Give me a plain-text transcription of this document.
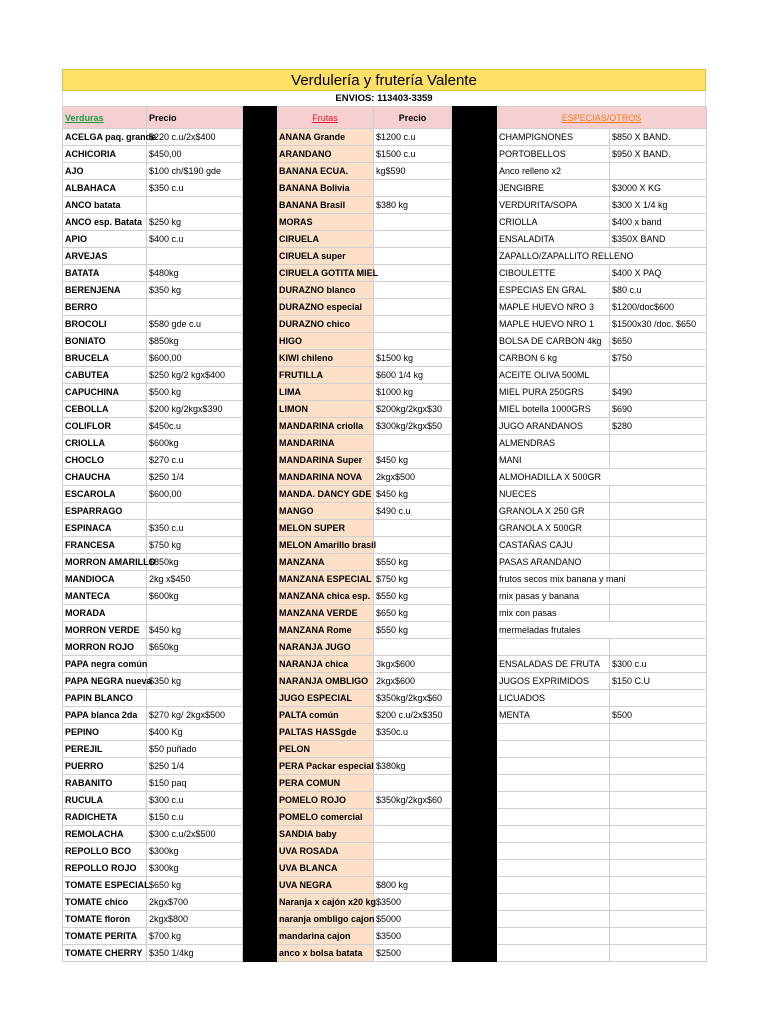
Verdulería y frutería Valente
ENVIOS: 113403-3359
Verduras	Precio		Frutas	Precio		ESPECIAS/OTROS	
ACELGA paq. grande	$220 c.u/2x$400		ANANA Grande	$1200 c.u		CHAMPIGNONES	$850 X BAND.
ACHICORIA	$450,00		ARANDANO	$1500 c.u		PORTOBELLOS	$950 X BAND.
AJO	$100 ch/$190 gde		BANANA ECUA.	kg$590		Anco relleno x2	
ALBAHACA	$350 c.u		BANANA Bolivia			JENGIBRE	$3000 X KG
ANCO batata			BANANA Brasil	$380 kg		VERDURITA/SOPA	$300 X 1/4 kg
ANCO esp. Batata	$250 kg		MORAS			CRIOLLA	$400 x band
APIO	$400 c.u		CIRUELA			ENSALADITA	$350X BAND
ARVEJAS			CIRUELA super			ZAPALLO/ZAPALLITO RELLENO	
BATATA	$480kg		CIRUELA GOTITA MIEL			CIBOULETTE	$400 X PAQ
BERENJENA	$350 kg		DURAZNO blanco			ESPECIAS EN GRAL	$80 c.u
BERRO			DURAZNO especial			MAPLE HUEVO NRO 3	$1200/doc$600
BROCOLI	$580 gde c.u		DURAZNO chico			MAPLE HUEVO NRO 1	$1500x30 /doc. $650
BONIATO	$850kg		HIGO			BOLSA DE CARBON 4kg	$650
BRUCELA	$600,00		KIWI chileno	$1500 kg		CARBON 6 kg	$750
CABUTEA	$250 kg/2 kgx$400		FRUTILLA	$600 1/4 kg		ACEITE OLIVA 500ML	
CAPUCHINA	$500 kg		LIMA	$1000 kg		MIEL PURA 250GRS	$490
CEBOLLA	$200 kg/2kgx$390		LIMON	$200kg/2kgx$30		MIEL botella 1000GRS	$690
COLIFLOR	$450c.u		MANDARINA criolla	$300kg/2kgx$50		JUGO ARANDANOS	$280
CRIOLLA	$600kg		MANDARINA			ALMENDRAS	
CHOCLO	$270 c.u		MANDARINA Super	$450 kg		MANI	
CHAUCHA	$250 1/4		MANDARINA NOVA	2kgx$500		ALMOHADILLA X 500GR	
ESCAROLA	$600,00		MANDA. DANCY GDE	$450 kg		NUECES	
ESPARRAGO			MANGO	$490 c.u		GRANOLA X 250 GR	
ESPINACA	$350 c.u		MELON SUPER			GRANOLA X 500GR	
FRANCESA	$750 kg		MELON Amarillo brasil			CASTAÑAS CAJU	
MORRON AMARILLO	$850kg		MANZANA	$550 kg		PASAS ARANDANO	
MANDIOCA	2kg x$450		MANZANA ESPECIAL	$750 kg		frutos secos mix banana y mani	
MANTECA	$600kg		MANZANA chica esp.	$550 kg		mix pasas y banana	
MORADA			MANZANA VERDE	$650 kg		mix con pasas	
MORRON VERDE	$450 kg		MANZANA Rome	$550 kg		mermeladas frutales	
MORRON ROJO	$650kg		NARANJA JUGO				
PAPA negra común			NARANJA chica	3kgx$600		ENSALADAS DE FRUTA	$300 c.u
PAPA NEGRA nueva	$350 kg		NARANJA OMBLIGO	2kgx$600		JUGOS EXPRIMIDOS	$150 C.U
PAPIN BLANCO			JUGO ESPECIAL	$350kg/2kgx$60		LICUADOS	
PAPA blanca 2da	$270 kg/ 2kgx$500		PALTA común	$200 c.u/2x$350		MENTA	$500
PEPINO	$400 Kg		PALTAS HASSgde	$350c.u			
PEREJIL	$50 puñado		PELON				
PUERRO	$250 1/4		PERA Packar especial	$380kg			
RABANITO	$150 paq		PERA COMUN				
RUCULA	$300 c.u		POMELO ROJO	$350kg/2kgx$60			
RADICHETA	$150 c.u		POMELO comercial				
REMOLACHA	$300 c.u/2x$500		SANDIA baby				
REPOLLO BCO	$300kg		UVA ROSADA				
REPOLLO ROJO	$300kg		UVA BLANCA				
TOMATE ESPECIAL	$650 kg		UVA NEGRA	$800 kg			
TOMATE chico	2kgx$700		Naranja x cajón x20 kg	$3500			
TOMATE floron	2kgx$800		naranja ombligo cajon	$5000			
TOMATE PERITA	$700 kg		mandarina cajon	$3500			
TOMATE CHERRY	$350 1/4kg		anco x bolsa batata	$2500			
